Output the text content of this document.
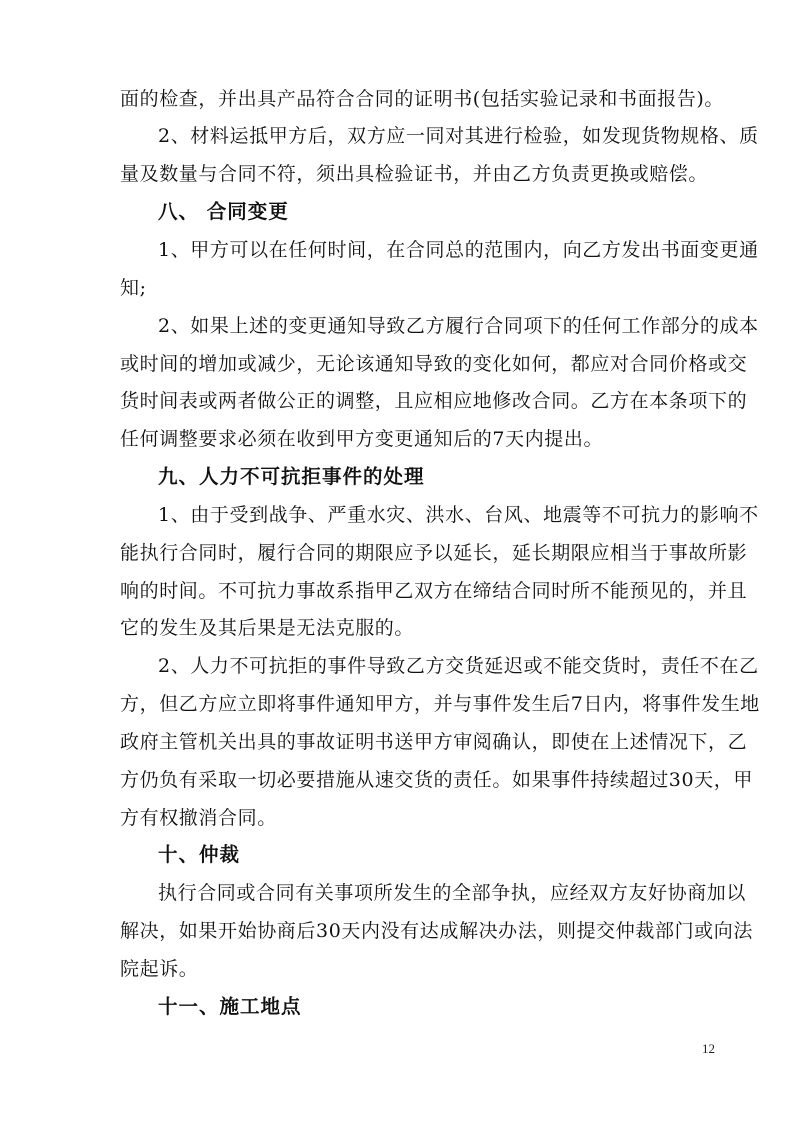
面的检查，并出具产品符合合同的证明书(包括实验记录和书面报告)。
2、材料运抵甲方后，双方应一同对其进行检验，如发现货物规格、质
量及数量与合同不符，须出具检验证书，并由乙方负责更换或赔偿。
八、 合同变更
1、甲方可以在任何时间，在合同总的范围内，向乙方发出书面变更通
知;
2、如果上述的变更通知导致乙方履行合同项下的任何工作部分的成本
或时间的增加或减少，无论该通知导致的变化如何，都应对合同价格或交
货时间表或两者做公正的调整，且应相应地修改合同。乙方在本条项下的
任何调整要求必须在收到甲方变更通知后的7天内提出。
九、人力不可抗拒事件的处理
1、由于受到战争、严重水灾、洪水、台风、地震等不可抗力的影响不
能执行合同时，履行合同的期限应予以延长，延长期限应相当于事故所影
响的时间。不可抗力事故系指甲乙双方在缔结合同时所不能预见的，并且
它的发生及其后果是无法克服的。
2、人力不可抗拒的事件导致乙方交货延迟或不能交货时，责任不在乙
方，但乙方应立即将事件通知甲方，并与事件发生后7日内，将事件发生地
政府主管机关出具的事故证明书送甲方审阅确认，即使在上述情况下，乙
方仍负有采取一切必要措施从速交货的责任。如果事件持续超过30天，甲
方有权撤消合同。
十、仲裁
执行合同或合同有关事项所发生的全部争执，应经双方友好协商加以
解决，如果开始协商后30天内没有达成解决办法，则提交仲裁部门或向法
院起诉。
十一、施工地点
12
